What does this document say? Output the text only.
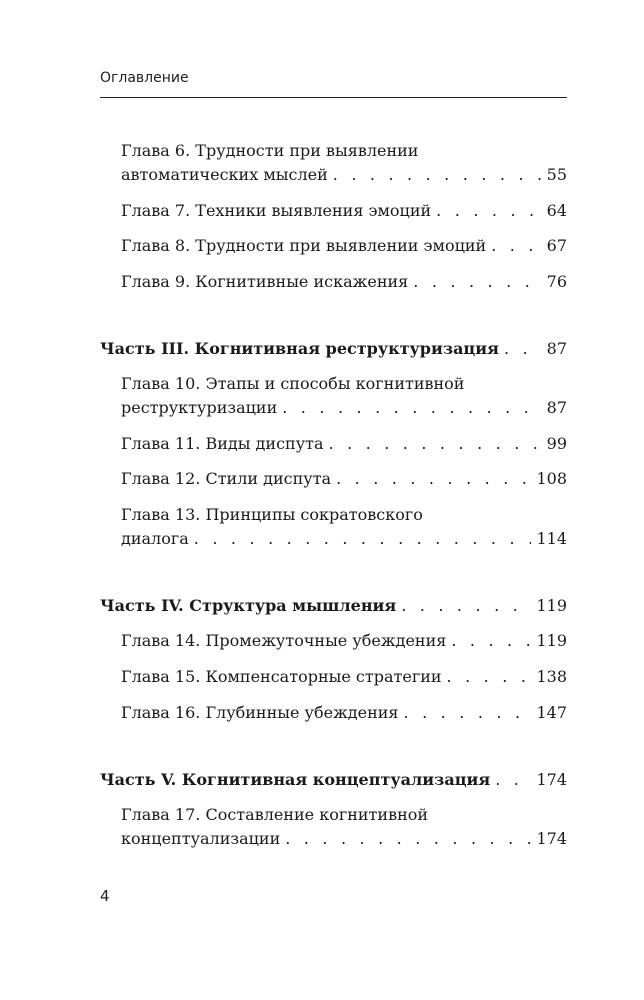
Оглавление
Глава 6. Трудности при выявлении
автоматических мыслей . . .	55
Глава 7. Техники выявления эмоций . . .	64
Глава 8. Трудности при выявлении эмоций . . .	67
Глава 9. Когнитивные искажения . . .	76
Часть III. Когнитивная реструктуризация . . .	87
Глава 10. Этапы и способы когнитивной
реструктуризации . . .	87
Глава 11. Виды диспута . . .	99
Глава 12. Стили диспута . . .	108
Глава 13. Принципы сократовского
диалога . . .	114
Часть IV. Структура мышления . . .	119
Глава 14. Промежуточные убеждения . . .	119
Глава 15. Компенсаторные стратегии . . .	138
Глава 16. Глубинные убеждения . . .	147
Часть V. Когнитивная концептуализация . . .	174
Глава 17. Составление когнитивной
концептуализации . . .	174
4
